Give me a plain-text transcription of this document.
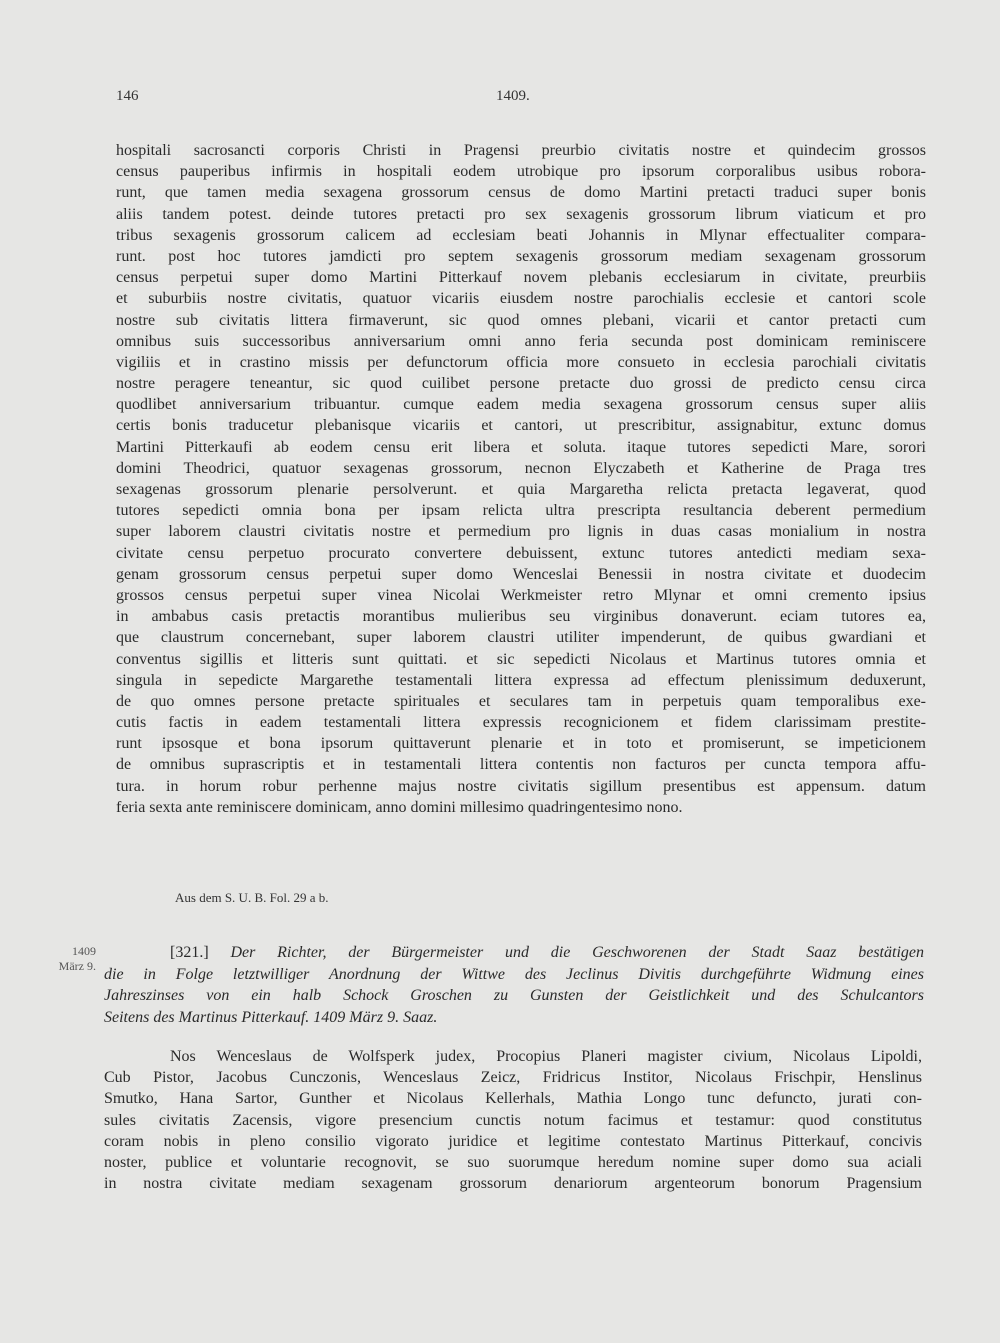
146	1409.
hospitali sacrosancti corporis Christi in Pragensi preurbio civitatis nostre et quindecim grossos
census pauperibus infirmis in hospitali eodem utrobique pro ipsorum corporalibus usibus robora-
runt, que tamen media sexagena grossorum census de domo Martini pretacti traduci super bonis
aliis tandem potest. deinde tutores pretacti pro sex sexagenis grossorum librum viaticum et pro
tribus sexagenis grossorum calicem ad ecclesiam beati Johannis in Mlynar effectualiter compara-
runt. post hoc tutores jamdicti pro septem sexagenis grossorum mediam sexagenam grossorum
census perpetui super domo Martini Pitterkauf novem plebanis ecclesiarum in civitate, preurbiis
et suburbiis nostre civitatis, quatuor vicariis eiusdem nostre parochialis ecclesie et cantori scole
nostre sub civitatis littera firmaverunt, sic quod omnes plebani, vicarii et cantor pretacti cum
omnibus suis successoribus anniversarium omni anno feria secunda post dominicam reminiscere
vigiliis et in crastino missis per defunctorum officia more consueto in ecclesia parochiali civitatis
nostre peragere teneantur, sic quod cuilibet persone pretacte duo grossi de predicto censu circa
quodlibet anniversarium tribuantur. cumque eadem media sexagena grossorum census super aliis
certis bonis traducetur plebanisque vicariis et cantori, ut prescribitur, assignabitur, extunc domus
Martini Pitterkaufi ab eodem censu erit libera et soluta. itaque tutores sepedicti Mare, sorori
domini Theodrici, quatuor sexagenas grossorum, necnon Elyczabeth et Katherine de Praga tres
sexagenas grossorum plenarie persolverunt. et quia Margaretha relicta pretacta legaverat, quod
tutores sepedicti omnia bona per ipsam relicta ultra prescripta resultancia deberent permedium
super laborem claustri civitatis nostre et permedium pro lignis in duas casas monialium in nostra
civitate censu perpetuo procurato convertere debuissent, extunc tutores antedicti mediam sexa-
genam grossorum census perpetui super domo Wenceslai Benessii in nostra civitate et duodecim
grossos census perpetui super vinea Nicolai Werkmeister retro Mlynar et omni cremento ipsius
in ambabus casis pretactis morantibus mulieribus seu virginibus donaverunt. eciam tutores ea,
que claustrum concernebant, super laborem claustri utiliter impenderunt, de quibus gwardiani et
conventus sigillis et litteris sunt quittati. et sic sepedicti Nicolaus et Martinus tutores omnia et
singula in sepedicte Margarethe testamentali littera expressa ad effectum plenissimum deduxerunt,
de quo omnes persone pretacte spirituales et seculares tam in perpetuis quam temporalibus exe-
cutis factis in eadem testamentali littera expressis recognicionem et fidem clarissimam prestite-
runt ipsosque et bona ipsorum quittaverunt plenarie et in toto et promiserunt, se impeticionem
de omnibus suprascriptis et in testamentali littera contentis non facturos per cuncta tempora affu-
tura. in horum robur perhenne majus nostre civitatis sigillum presentibus est appensum. datum
feria sexta ante reminiscere dominicam, anno domini millesimo quadringentesimo nono.
Aus dem S. U. B. Fol. 29 a b.
1409
März 9.
[321.] Der Richter, der Bürgermeister und die Geschworenen der Stadt Saaz bestätigen
die in Folge letztwilliger Anordnung der Wittwe des Jeclinus Divitis durchgeführte Widmung eines
Jahreszinses von ein halb Schock Groschen zu Gunsten der Geistlichkeit und des Schulcantors
Seitens des Martinus Pitterkauf. 1409 März 9. Saaz.
Nos Wenceslaus de Wolfsperk judex, Procopius Planeri magister civium, Nicolaus Lipoldi,
Cub Pistor, Jacobus Cunczonis, Wenceslaus Zeicz, Fridricus Institor, Nicolaus Frischpir, Henslinus
Smutko, Hana Sartor, Gunther et Nicolaus Kellerhals, Mathia Longo tunc defuncto, jurati con-
sules civitatis Zacensis, vigore presencium cunctis notum facimus et testamur: quod constitutus
coram nobis in pleno consilio vigorato juridice et legitime contestato Martinus Pitterkauf, concivis
noster, publice et voluntarie recognovit, se suo suorumque heredum nomine super domo sua aciali
in nostra civitate mediam sexagenam grossorum denariorum argenteorum bonorum Pragensium
